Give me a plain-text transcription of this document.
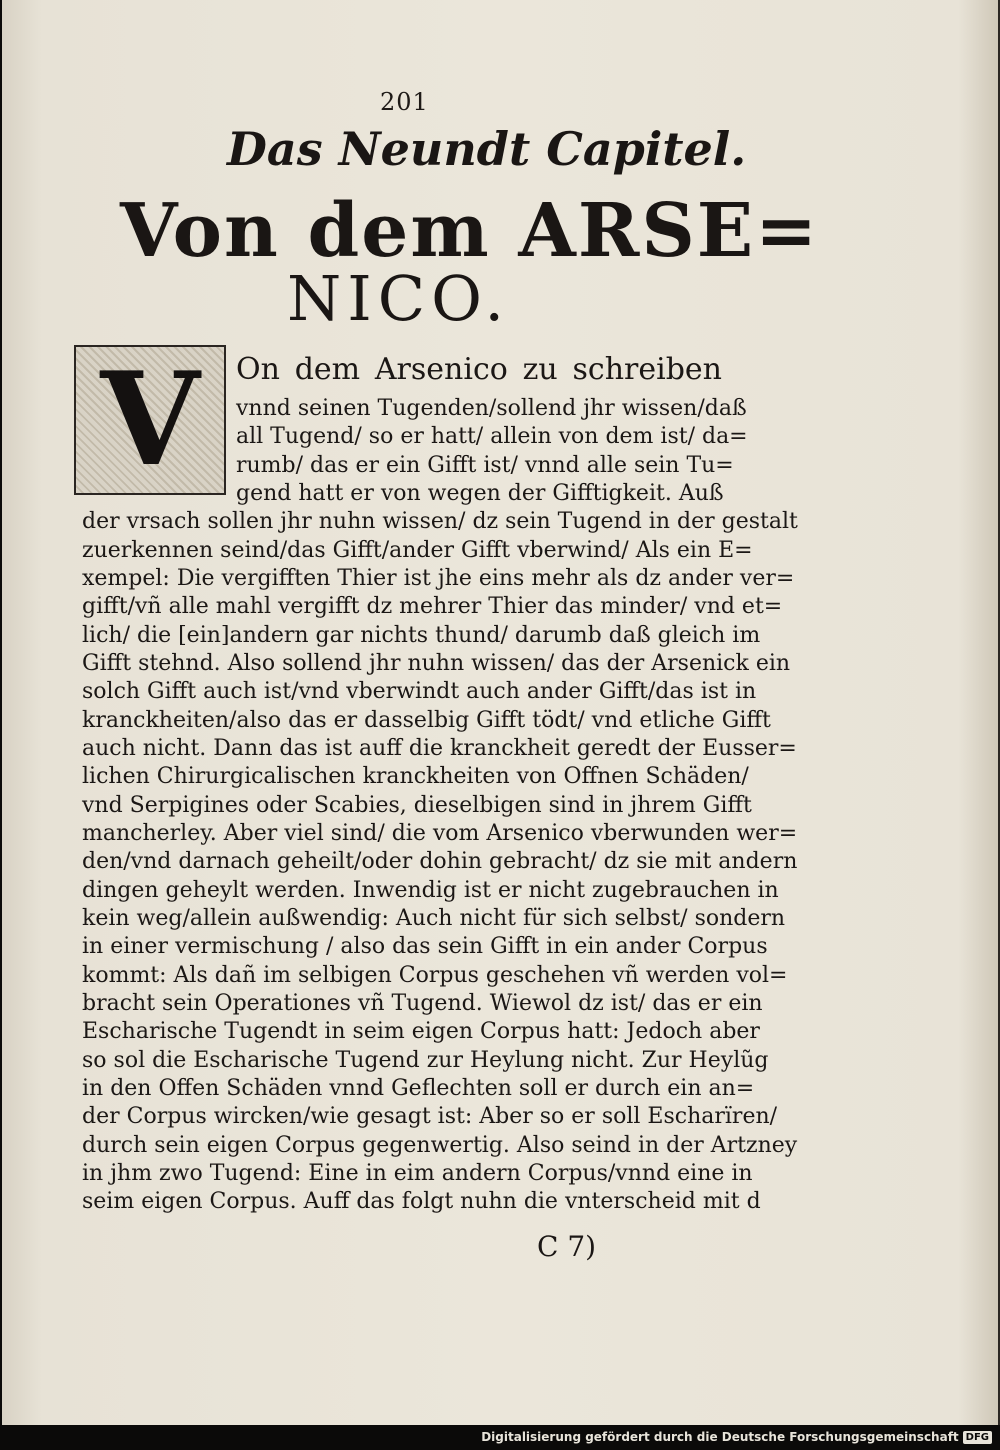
201
Das Neundt Capitel.
Von dem ARSE=
NICO.
V	On dem Arsenico zu schreiben
vnnd seinen Tugenden/sollend jhr wissen/daß
all Tugend/ so er hatt/ allein von dem ist/ da=
rumb/ das er ein Gifft ist/ vnnd alle sein Tu=
gend hatt er von wegen der Gifftigkeit. Auß
der vrsach sollen jhr nuhn wissen/ dz sein Tugend in der gestalt
zuerkennen seind/das Gifft/ander Gifft vberwind/ Als ein E=
xempel: Die vergifften Thier ist jhe eins mehr als dz ander ver=
gifft/vñ alle mahl vergifft dz mehrer Thier das minder/ vnd et=
lich/ die [ein]andern gar nichts thund/ darumb daß gleich im
Gifft stehnd. Also sollend jhr nuhn wissen/ das der Arsenick ein
solch Gifft auch ist/vnd vberwindt auch ander Gifft/das ist in
kranckheiten/also das er dasselbig Gifft tödt/ vnd etliche Gifft
auch nicht. Dann das ist auff die kranckheit geredt der Eusser=
lichen Chirurgicalischen kranckheiten von Offnen Schäden/
vnd Serpigines oder Scabies, dieselbigen sind in jhrem Gifft
mancherley. Aber viel sind/ die vom Arsenico vberwunden wer=
den/vnd darnach geheilt/oder dohin gebracht/ dz sie mit andern
dingen geheylt werden. Inwendig ist er nicht zugebrauchen in
kein weg/allein außwendig: Auch nicht für sich selbst/ sondern
in einer vermischung / also das sein Gifft in ein ander Corpus
kommt: Als dañ im selbigen Corpus geschehen vñ werden vol=
bracht sein Operationes vñ Tugend. Wiewol dz ist/ das er ein
Escharische Tugendt in seim eigen Corpus hatt: Jedoch aber
so sol die Escharische Tugend zur Heylung nicht. Zur Heylũg
in den Offen Schäden vnnd Geflechten soll er durch ein an=
der Corpus wircken/wie gesagt ist: Aber so er soll Escharïren/
durch sein eigen Corpus gegenwertig. Also seind in der Artzney
in jhm zwo Tugend: Eine in eim andern Corpus/vnnd eine in
seim eigen Corpus. Auff das folgt nuhn die vnterscheid mit d
C 7)
Digitalisierung gefördert durch die Deutsche Forschungsgemeinschaft DFG
